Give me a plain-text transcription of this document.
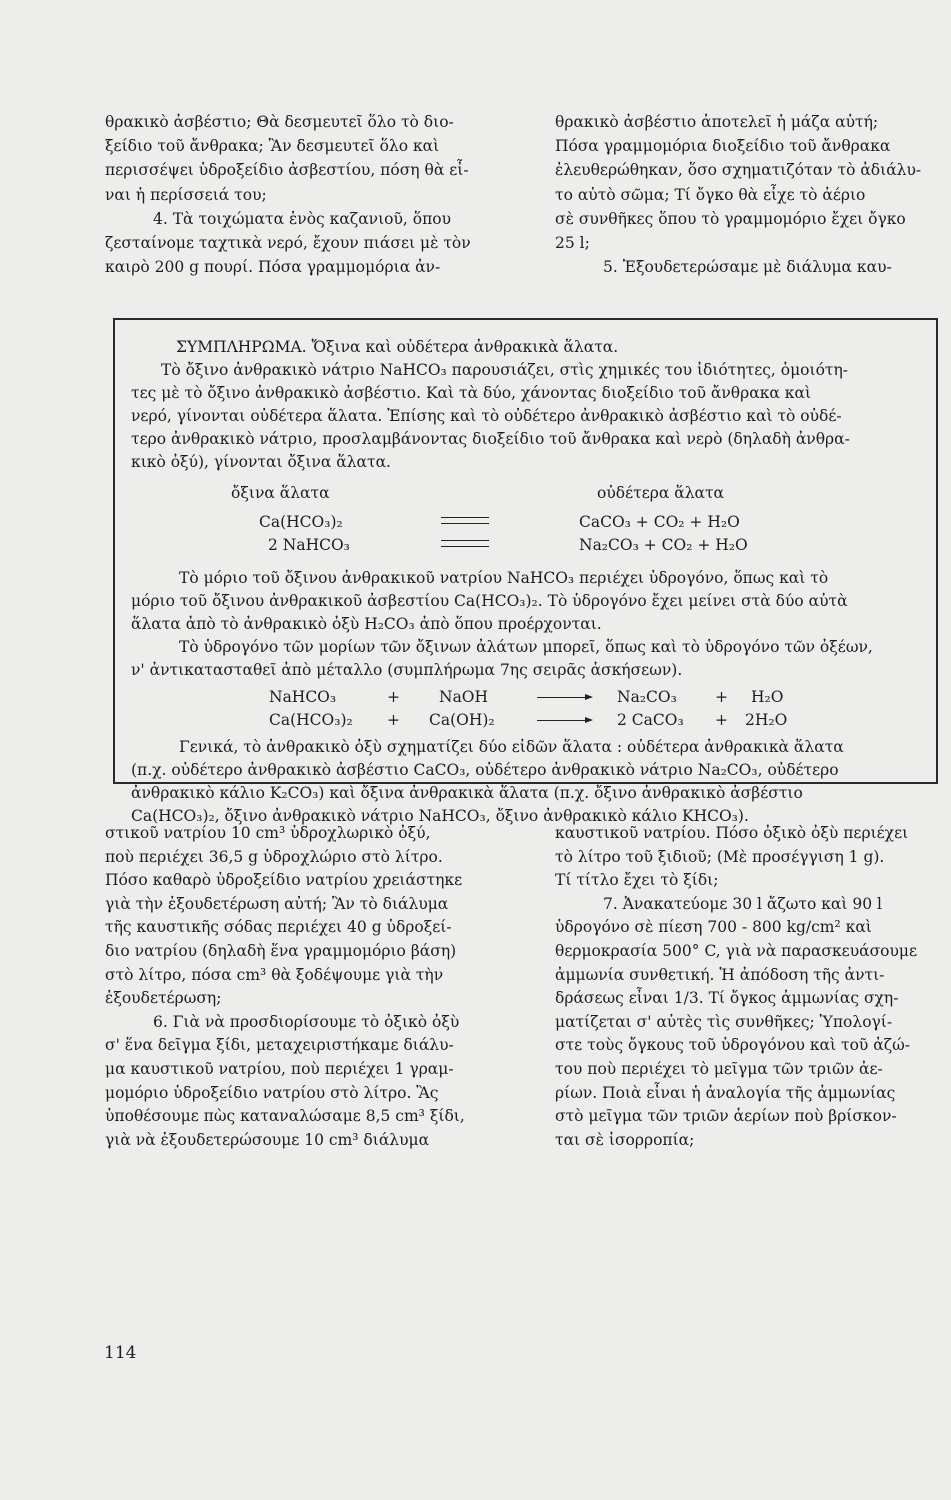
θρακικὸ ἀσβέστιο; Θὰ δεσμευτεῖ ὅλο τὸ διο-

ξείδιο τοῦ ἄνθρακα; Ἂν δεσμευτεῖ ὅλο καὶ

περισσέψει ὑδροξείδιο ἀσβεστίου, πόση θὰ εἶ-

ναι ἡ περίσσειά του;

4. Τὰ τοιχώματα ἑνὸς καζανιοῦ, ὅπου

ζεσταίνομε ταχτικὰ νερό, ἔχουν πιάσει μὲ τὸν

καιρὸ 200 g πουρί. Πόσα γραμμομόρια ἀν-

θρακικὸ ἀσβέστιο ἀποτελεῖ ἡ μάζα αὐτή;

Πόσα γραμμομόρια διοξείδιο τοῦ ἄνθρακα

ἐλευθερώθηκαν, ὅσο σχηματιζόταν τὸ ἀδιάλυ-

το αὐτὸ σῶμα; Τί ὄγκο θὰ εἶχε τὸ ἀέριο

σὲ συνθῆκες ὅπου τὸ γραμμομόριο ἔχει ὄγκο

25 l;

5. Ἐξουδετερώσαμε μὲ διάλυμα καυ-

ΣΥΜΠΛΗΡΩΜΑ. Ὄξινα καὶ οὐδέτερα ἀνθρακικὰ ἅλατα.

Τὸ ὄξινο ἀνθρακικὸ νάτριο NaHCO₃ παρουσιάζει, στὶς χημικές του ἰδιότητες, ὁμοιότη-

τες μὲ τὸ ὄξινο ἀνθρακικὸ ἀσβέστιο. Καὶ τὰ δύο, χάνοντας διοξείδιο τοῦ ἄνθρακα καὶ

νερό, γίνονται οὐδέτερα ἅλατα. Ἐπίσης καὶ τὸ οὐδέτερο ἀνθρακικὸ ἀσβέστιο καὶ τὸ οὐδέ-

τερο ἀνθρακικὸ νάτριο, προσλαμβάνοντας διοξείδιο τοῦ ἄνθρακα καὶ νερὸ (δηλαδὴ ἀνθρα-

κικὸ ὀξύ), γίνονται ὄξινα ἅλατα.

ὄξινα ἅλατα	οὐδέτερα ἅλατα
Ca(HCO₃)₂	CaCO₃ + CO₂ + H₂O
2 NaHCO₃	Na₂CO₃ + CO₂ + H₂O

Τὸ μόριο τοῦ ὄξινου ἀνθρακικοῦ νατρίου NaHCO₃ περιέχει ὑδρογόνο, ὅπως καὶ τὸ

μόριο τοῦ ὄξινου ἀνθρακικοῦ ἀσβεστίου Ca(HCO₃)₂. Τὸ ὑδρογόνο ἔχει μείνει στὰ δύο αὐτὰ

ἅλατα ἀπὸ τὸ ἀνθρακικὸ ὀξὺ H₂CO₃ ἀπὸ ὅπου προέρχονται.

Τὸ ὑδρογόνο τῶν μορίων τῶν ὄξινων ἀλάτων μπορεῖ, ὅπως καὶ τὸ ὑδρογόνο τῶν ὀξέων,

ν' ἀντικατασταθεῖ ἀπὸ μέταλλο (συμπλήρωμα 7ης σειρᾶς ἀσκήσεων).

NaHCO₃	+	NaOH	Na₂CO₃ + H₂O
Ca(HCO₃)₂ + Ca(OH)₂	2 CaCO₃ + 2H₂O

Γενικά, τὸ ἀνθρακικὸ ὀξὺ σχηματίζει δύο εἰδῶν ἅλατα : οὐδέτερα ἀνθρακικὰ ἅλατα

(π.χ. οὐδέτερο ἀνθρακικὸ ἀσβέστιο CaCO₃, οὐδέτερο ἀνθρακικὸ νάτριο Na₂CO₃, οὐδέτερο

ἀνθρακικὸ κάλιο K₂CO₃) καὶ ὄξινα ἀνθρακικὰ ἅλατα (π.χ. ὄξινο ἀνθρακικὸ ἀσβέστιο

Ca(HCO₃)₂, ὄξινο ἀνθρακικὸ νάτριο NaHCO₃, ὄξινο ἀνθρακικὸ κάλιο KHCO₃).

στικοῦ νατρίου 10 cm³ ὑδροχλωρικὸ ὀξύ,

ποὺ περιέχει 36,5 g ὑδροχλώριο στὸ λίτρο.

Πόσο καθαρὸ ὑδροξείδιο νατρίου χρειάστηκε

γιὰ τὴν ἐξουδετέρωση αὐτή; Ἂν τὸ διάλυμα

τῆς καυστικῆς σόδας περιέχει 40 g ὑδροξεί-

διο νατρίου (δηλαδὴ ἕνα γραμμομόριο βάση)

στὸ λίτρο, πόσα cm³ θὰ ξοδέψουμε γιὰ τὴν

ἐξουδετέρωση;

6. Γιὰ νὰ προσδιορίσουμε τὸ ὀξικὸ ὀξὺ

σ' ἕνα δεῖγμα ξίδι, μεταχειριστήκαμε διάλυ-

μα καυστικοῦ νατρίου, ποὺ περιέχει 1 γραμ-

μομόριο ὑδροξείδιο νατρίου στὸ λίτρο. Ἂς

ὑποθέσουμε πὼς καταναλώσαμε 8,5 cm³ ξίδι,

γιὰ νὰ ἐξουδετερώσουμε 10 cm³ διάλυμα

καυστικοῦ νατρίου. Πόσο ὀξικὸ ὀξὺ περιέχει

τὸ λίτρο τοῦ ξιδιοῦ; (Μὲ προσέγγιση 1 g).

Τί τίτλο ἔχει τὸ ξίδι;

7. Ἀνακατεύομε 30 l ἄζωτο καὶ 90 l

ὑδρογόνο σὲ πίεση 700 - 800 kg/cm² καὶ

θερμοκρασία 500° C, γιὰ νὰ παρασκευάσουμε

ἀμμωνία συνθετική. Ἡ ἀπόδοση τῆς ἀντι-

δράσεως εἶναι 1/3. Τί ὄγκος ἀμμωνίας σχη-

ματίζεται σ' αὐτὲς τὶς συνθῆκες; Ὑπολογί-

στε τοὺς ὄγκους τοῦ ὑδρογόνου καὶ τοῦ ἀζώ-

του ποὺ περιέχει τὸ μεῖγμα τῶν τριῶν ἀε-

ρίων. Ποιὰ εἶναι ἡ ἀναλογία τῆς ἀμμωνίας

στὸ μεῖγμα τῶν τριῶν ἀερίων ποὺ βρίσκον-

ται σὲ ἰσορροπία;

114
